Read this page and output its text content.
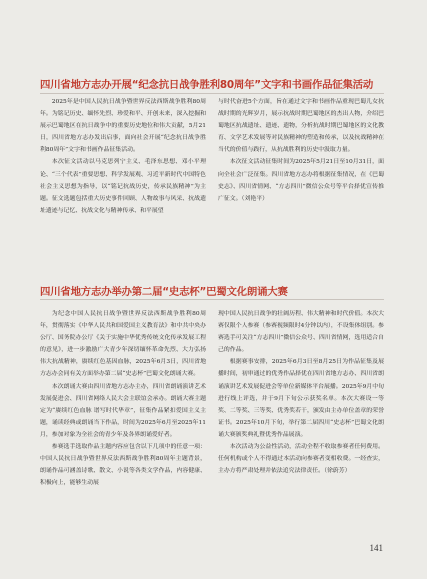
四川省地方志办开展“纪念抗日战争胜利80周年”文字和书画作品征集活动

2025年是中国人民抗日战争暨世界反法西斯战争胜利80周年。为铭记历史、缅怀先烈、珍爱和平、开创未来，深入挖掘和展示巴蜀地区在抗日战争中的重要历史地位和伟大贡献，5月21日，四川省地方志办发出启事，面向社会开展“纪念抗日战争胜利80周年”文字和书画作品征集活动。

本次征文活动以马克思列宁主义、毛泽东思想、邓小平理论、“三个代表”重要思想、科学发展观、习近平新时代中国特色社会主义思想为指导，以“铭记抗战历史，传承民族精神”为主题。征文选题包括重大历史事件回顾、人物故事与风采、抗战遗址遗迹与记忆、抗战文化与精神传承、和平展望

与时代奋进5个方面，旨在通过文字和书画作品重现巴蜀儿女抗战时期的光辉岁月，展示抗战时期巴蜀地区的杰出人物，介绍巴蜀地区抗战遗址、遗迹、遗物，分析抗战时期巴蜀地区的文化教育、文学艺术发展等对民族精神的塑造和传承，以及抗战精神在当代的价值与践行，从抗战胜利的历史中汲取力量。

本次征文活动征集时间为2025年5月21日至10月31日，面向全社会广泛征集。四川省地方志办将根据征集情况，在《巴蜀史志》、四川省情网、“方志四川”微信公众号等平台择优宣传推广征文。（刘艳平）

四川省地方志办举办第二届“史志杯”巴蜀文化朗诵大赛

为纪念中国人民抗日战争暨世界反法西斯战争胜利80周年，贯彻落实《中华人民共和国爱国主义教育法》和中共中央办公厅、国务院办公厅《关于实施中华优秀传统文化传承发展工程的意见》，进一步激励广大青少年深切缅怀革命先烈、大力弘扬伟大抗战精神，赓续红色基因血脉，2025年6月3日，四川省地方志办会同有关方面举办第二届“史志杯”巴蜀文化朗诵大赛。

本次朗诵大赛由四川省地方志办主办，四川省朗诵演讲艺术发展促进会、四川省网络人民大会主联谊会承办。朗诵大赛主题定为“赓续红色血脉 谱写时代华章”，征集作品紧扣爱国主义主题，诵读经典或朗诵当下作品，时间为2025年6月至2025年11月，参加对象为全社会的青少年及各界朗诵爱好者。

参赛选手选取作品主题内容应包含以下几项中的任意一项：中国人民抗日战争暨世界反法西斯战争胜利80周年主题背景，朗诵作品可涵盖诗歌、散文、小说等各类文学作品，内容健康、积极向上，能够生动展

现中国人民抗日战争的壮阔历程、伟大精神和时代价值。本次大赛仅限个人参赛（参赛视频限时4分钟以内），不设集体组别。参赛选手可关注“方志四川”微信公众号、四川省情网，选用适合自己的作品。

根据赛事安排，2025年6月3日至8月25日为作品征集及展播时间，初审通过的优秀作品择优在四川省地方志办、四川省朗诵演讲艺术发展促进会等单位新媒体平台展播。2025年9月中旬进行线上评选，并于9月下旬公示获奖名单。本次大赛设一等奖、二等奖、三等奖、优秀奖若干，颁发由主办单位盖章的荣誉证书。2025年10月下旬，举行第二届四川“史志杯”巴蜀文化朗诵大赛颁奖典礼暨优秀作品展演。

本次活动为公益性活动，活动全程不收取参赛者任何费用。任何机构或个人不得通过本活动向参赛者变相收费。一经查实，主办方将严肃处理并依法追究法律责任。（徐蔚芳）

141
